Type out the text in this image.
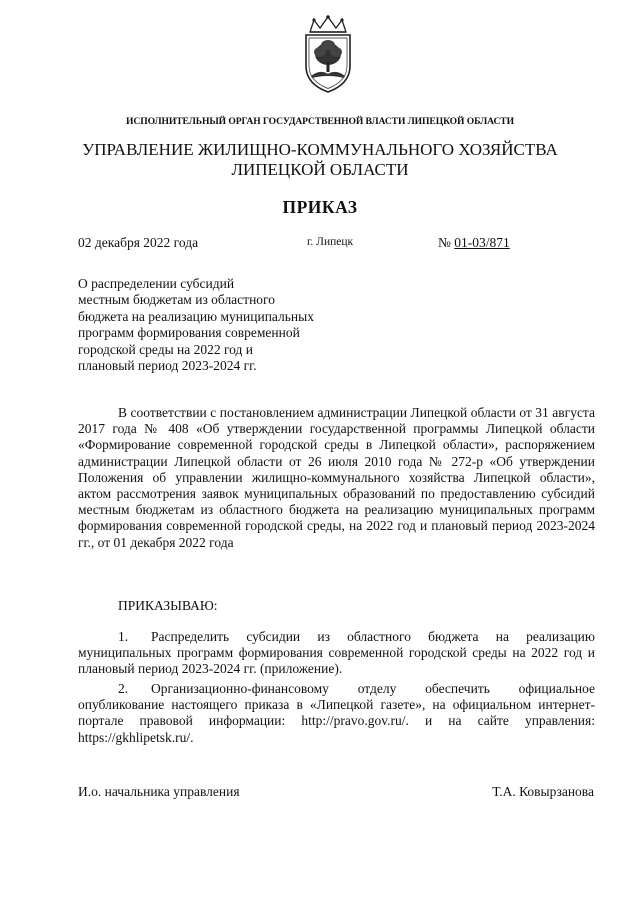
ИСПОЛНИТЕЛЬНЫЙ ОРГАН ГОСУДАРСТВЕННОЙ ВЛАСТИ ЛИПЕЦКОЙ ОБЛАСТИ
УПРАВЛЕНИЕ ЖИЛИЩНО-КОММУНАЛЬНОГО ХОЗЯЙСТВА
ЛИПЕЦКОЙ ОБЛАСТИ
ПРИКАЗ
02 декабря 2022 года	г. Липецк	№ 01-03/871
О распределении субсидий
местным бюджетам из областного
бюджета на реализацию муниципальных
программ формирования современной
городской среды на 2022 год и
плановый период 2023-2024 гг.
В соответствии с постановлением администрации Липецкой области от 31 августа 2017 года № 408 «Об утверждении государственной программы Липецкой области «Формирование современной городской среды в Липецкой области», распоряжением администрации Липецкой области от 26 июля 2010 года № 272-р «Об утверждении Положения об управлении жилищно-коммунального хозяйства Липецкой области», актом рассмотрения заявок муниципальных образований по предоставлению субсидий местным бюджетам из областного бюджета на реализацию муниципальных программ формирования современной городской среды, на 2022 год и плановый период 2023-2024 гг., от 01 декабря 2022 года
ПРИКАЗЫВАЮ:
1. Распределить субсидии из областного бюджета на реализацию муниципальных программ формирования современной городской среды на 2022 год и плановый период 2023-2024 гг. (приложение).
2. Организационно-финансовому отделу обеспечить официальное опубликование настоящего приказа в «Липецкой газете», на официальном интернет-портале правовой информации: http://pravo.gov.ru/. и на сайте управления: https://gkhlipetsk.ru/.
И.о. начальника управления	Т.А. Ковырзанова
